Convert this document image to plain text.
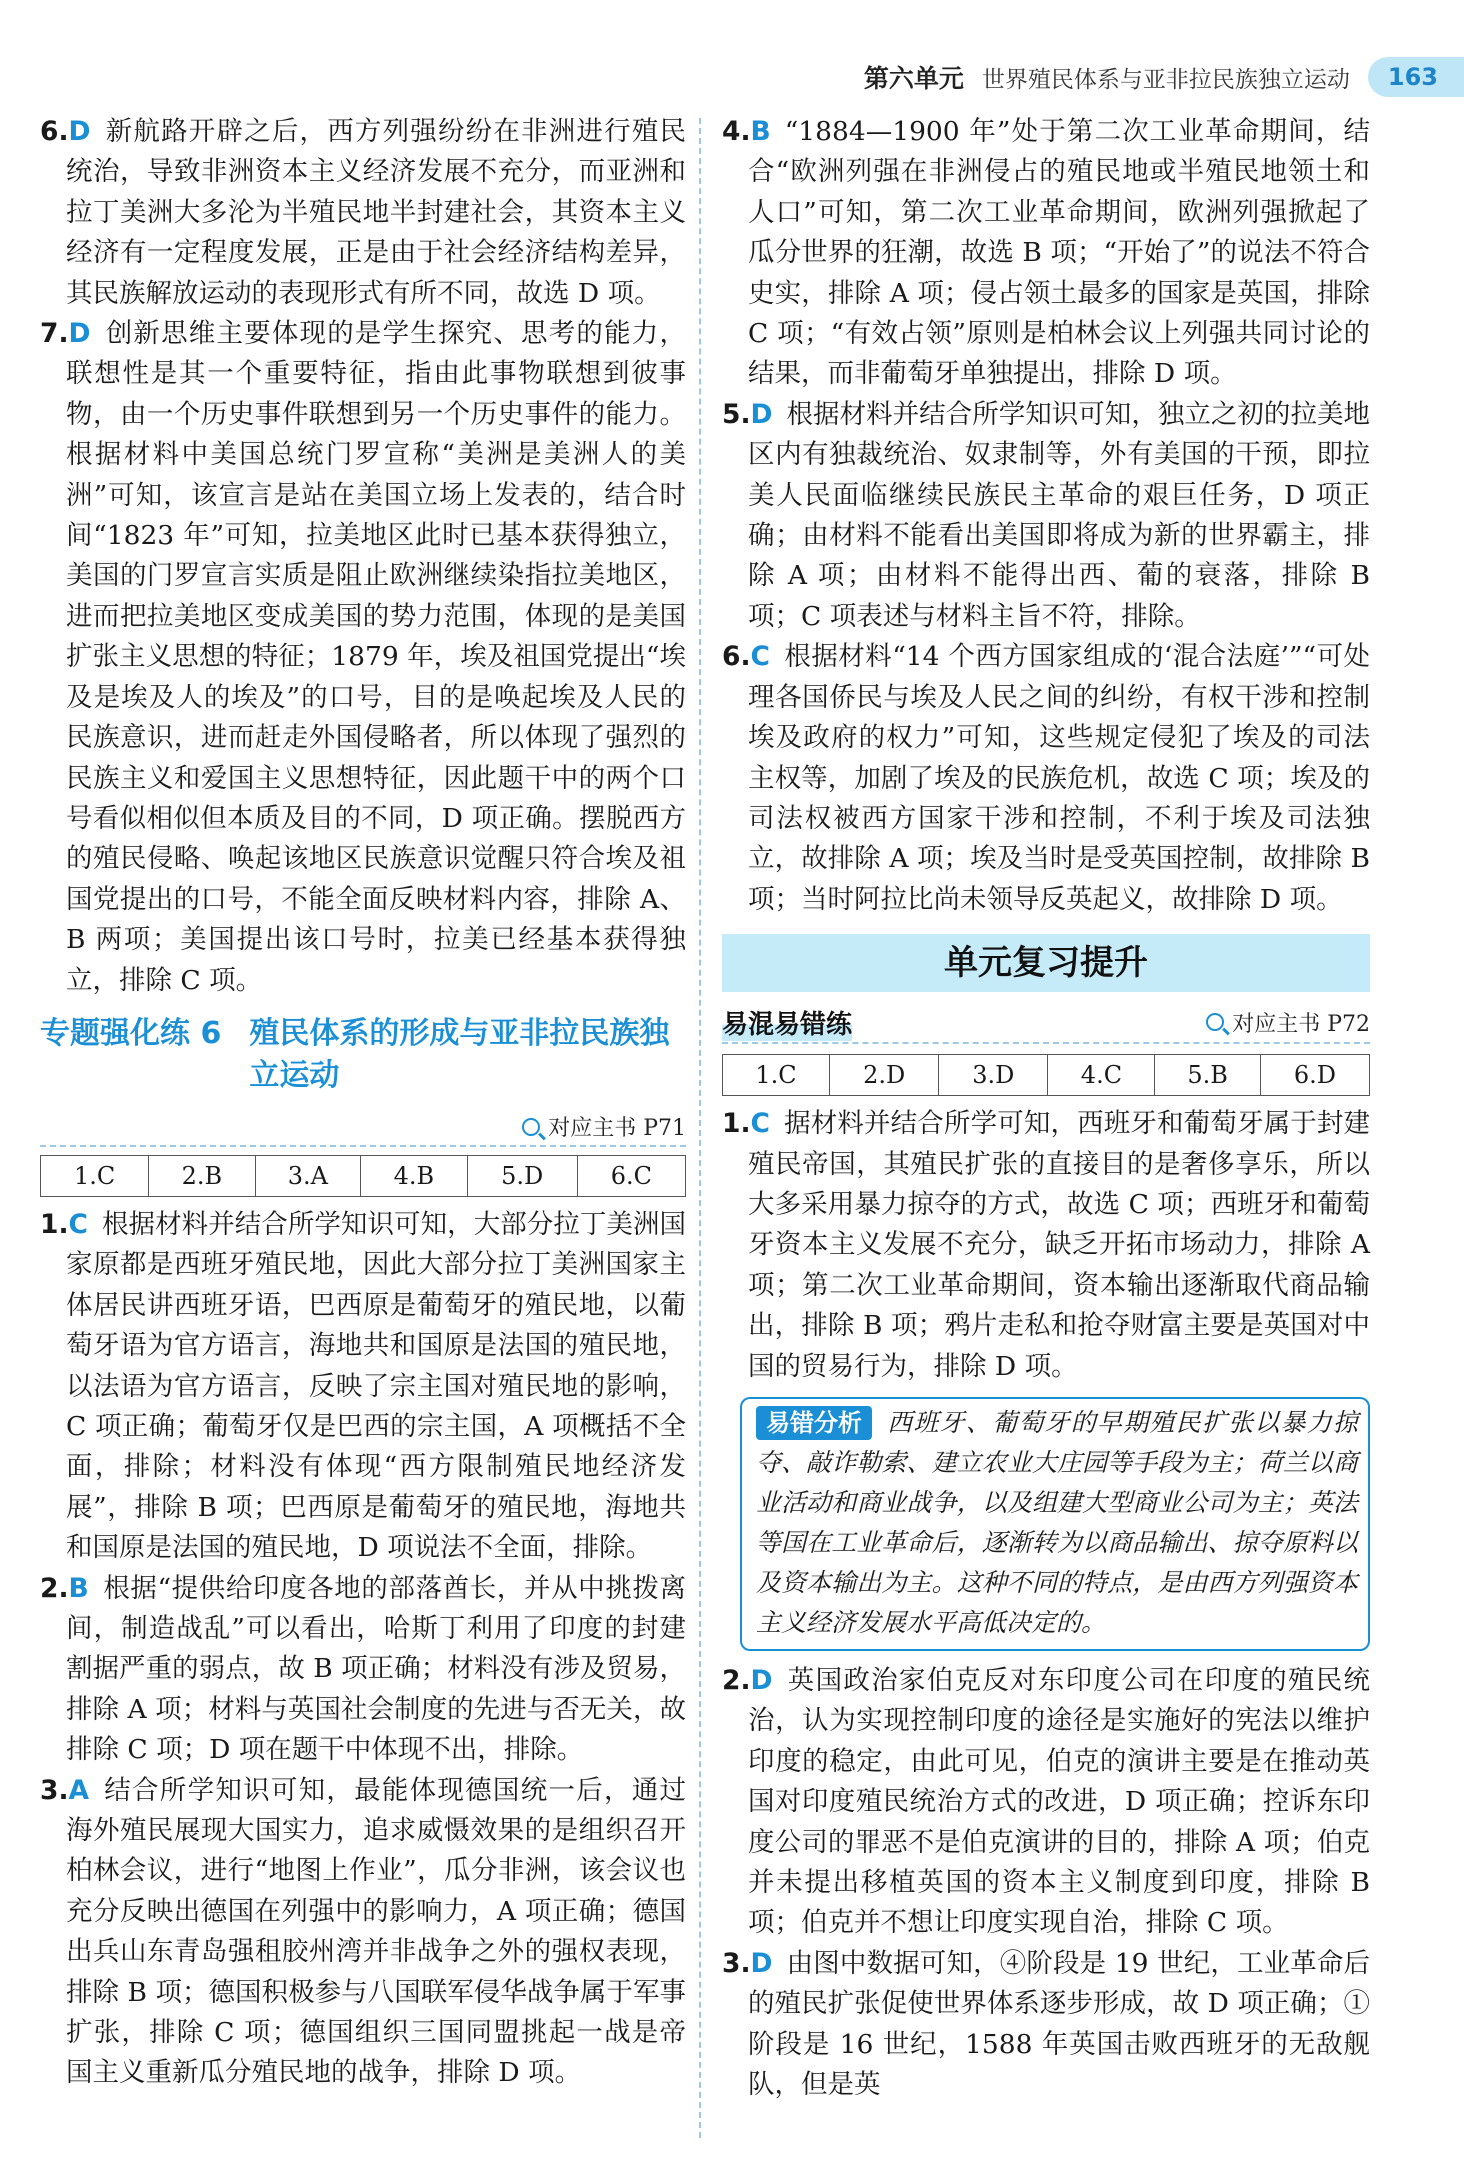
第六单元 世界殖民体系与亚非拉民族独立运动	163

6.D 新航路开辟之后，西方列强纷纷在非洲进行殖民统治，导致非洲资本主义经济发展不充分，而亚洲和拉丁美洲大多沦为半殖民地半封建社会，其资本主义经济有一定程度发展，正是由于社会经济结构差异，其民族解放运动的表现形式有所不同，故选 D 项。

7.D 创新思维主要体现的是学生探究、思考的能力，联想性是其一个重要特征，指由此事物联想到彼事物，由一个历史事件联想到另一个历史事件的能力。根据材料中美国总统门罗宣称“美洲是美洲人的美洲”可知，该宣言是站在美国立场上发表的，结合时间“1823 年”可知，拉美地区此时已基本获得独立，美国的门罗宣言实质是阻止欧洲继续染指拉美地区，进而把拉美地区变成美国的势力范围，体现的是美国扩张主义思想的特征；1879 年，埃及祖国党提出“埃及是埃及人的埃及”的口号，目的是唤起埃及人民的民族意识，进而赶走外国侵略者，所以体现了强烈的民族主义和爱国主义思想特征，因此题干中的两个口号看似相似但本质及目的不同，D 项正确。摆脱西方的殖民侵略、唤起该地区民族意识觉醒只符合埃及祖国党提出的口号，不能全面反映材料内容，排除 A、B 两项；美国提出该口号时，拉美已经基本获得独立，排除 C 项。

专题强化练 6 殖民体系的形成与亚非拉民族独立运动
对应主书 P71
1.C	2.B	3.A	4.B	5.D	6.C

1.C 根据材料并结合所学知识可知，大部分拉丁美洲国家原都是西班牙殖民地，因此大部分拉丁美洲国家主体居民讲西班牙语，巴西原是葡萄牙的殖民地，以葡萄牙语为官方语言，海地共和国原是法国的殖民地，以法语为官方语言，反映了宗主国对殖民地的影响，C 项正确；葡萄牙仅是巴西的宗主国，A 项概括不全面，排除；材料没有体现“西方限制殖民地经济发展”，排除 B 项；巴西原是葡萄牙的殖民地，海地共和国原是法国的殖民地，D 项说法不全面，排除。

2.B 根据“提供给印度各地的部落酋长，并从中挑拨离间，制造战乱”可以看出，哈斯丁利用了印度的封建割据严重的弱点，故 B 项正确；材料没有涉及贸易，排除 A 项；材料与英国社会制度的先进与否无关，故排除 C 项；D 项在题干中体现不出，排除。

3.A 结合所学知识可知，最能体现德国统一后，通过海外殖民展现大国实力，追求威慑效果的是组织召开柏林会议，进行“地图上作业”，瓜分非洲，该会议也充分反映出德国在列强中的影响力，A 项正确；德国出兵山东青岛强租胶州湾并非战争之外的强权表现，排除 B 项；德国积极参与八国联军侵华战争属于军事扩张，排除 C 项；德国组织三国同盟挑起一战是帝国主义重新瓜分殖民地的战争，排除 D 项。

4.B “1884—1900 年”处于第二次工业革命期间，结合“欧洲列强在非洲侵占的殖民地或半殖民地领土和人口”可知，第二次工业革命期间，欧洲列强掀起了瓜分世界的狂潮，故选 B 项；“开始了”的说法不符合史实，排除 A 项；侵占领土最多的国家是英国，排除 C 项；“有效占领”原则是柏林会议上列强共同讨论的结果，而非葡萄牙单独提出，排除 D 项。

5.D 根据材料并结合所学知识可知，独立之初的拉美地区内有独裁统治、奴隶制等，外有美国的干预，即拉美人民面临继续民族民主革命的艰巨任务，D 项正确；由材料不能看出美国即将成为新的世界霸主，排除 A 项；由材料不能得出西、葡的衰落，排除 B 项；C 项表述与材料主旨不符，排除。

6.C 根据材料“14 个西方国家组成的‘混合法庭’”“可处理各国侨民与埃及人民之间的纠纷，有权干涉和控制埃及政府的权力”可知，这些规定侵犯了埃及的司法主权等，加剧了埃及的民族危机，故选 C 项；埃及的司法权被西方国家干涉和控制，不利于埃及司法独立，故排除 A 项；埃及当时是受英国控制，故排除 B 项；当时阿拉比尚未领导反英起义，故排除 D 项。

单元复习提升
易混易错练	对应主书 P72
1.C	2.D	3.D	4.C	5.B	6.D

1.C 据材料并结合所学可知，西班牙和葡萄牙属于封建殖民帝国，其殖民扩张的直接目的是奢侈享乐，所以大多采用暴力掠夺的方式，故选 C 项；西班牙和葡萄牙资本主义发展不充分，缺乏开拓市场动力，排除 A 项；第二次工业革命期间，资本输出逐渐取代商品输出，排除 B 项；鸦片走私和抢夺财富主要是英国对中国的贸易行为，排除 D 项。

易错分析 西班牙、葡萄牙的早期殖民扩张以暴力掠夺、敲诈勒索、建立农业大庄园等手段为主；荷兰以商业活动和商业战争，以及组建大型商业公司为主；英法等国在工业革命后，逐渐转为以商品输出、掠夺原料以及资本输出为主。这种不同的特点，是由西方列强资本主义经济发展水平高低决定的。

2.D 英国政治家伯克反对东印度公司在印度的殖民统治，认为实现控制印度的途径是实施好的宪法以维护印度的稳定，由此可见，伯克的演讲主要是在推动英国对印度殖民统治方式的改进，D 项正确；控诉东印度公司的罪恶不是伯克演讲的目的，排除 A 项；伯克并未提出移植英国的资本主义制度到印度，排除 B 项；伯克并不想让印度实现自治，排除 C 项。

3.D 由图中数据可知，④阶段是 19 世纪，工业革命后的殖民扩张促使世界体系逐步形成，故 D 项正确；①阶段是 16 世纪，1588 年英国击败西班牙的无敌舰队，但是英
